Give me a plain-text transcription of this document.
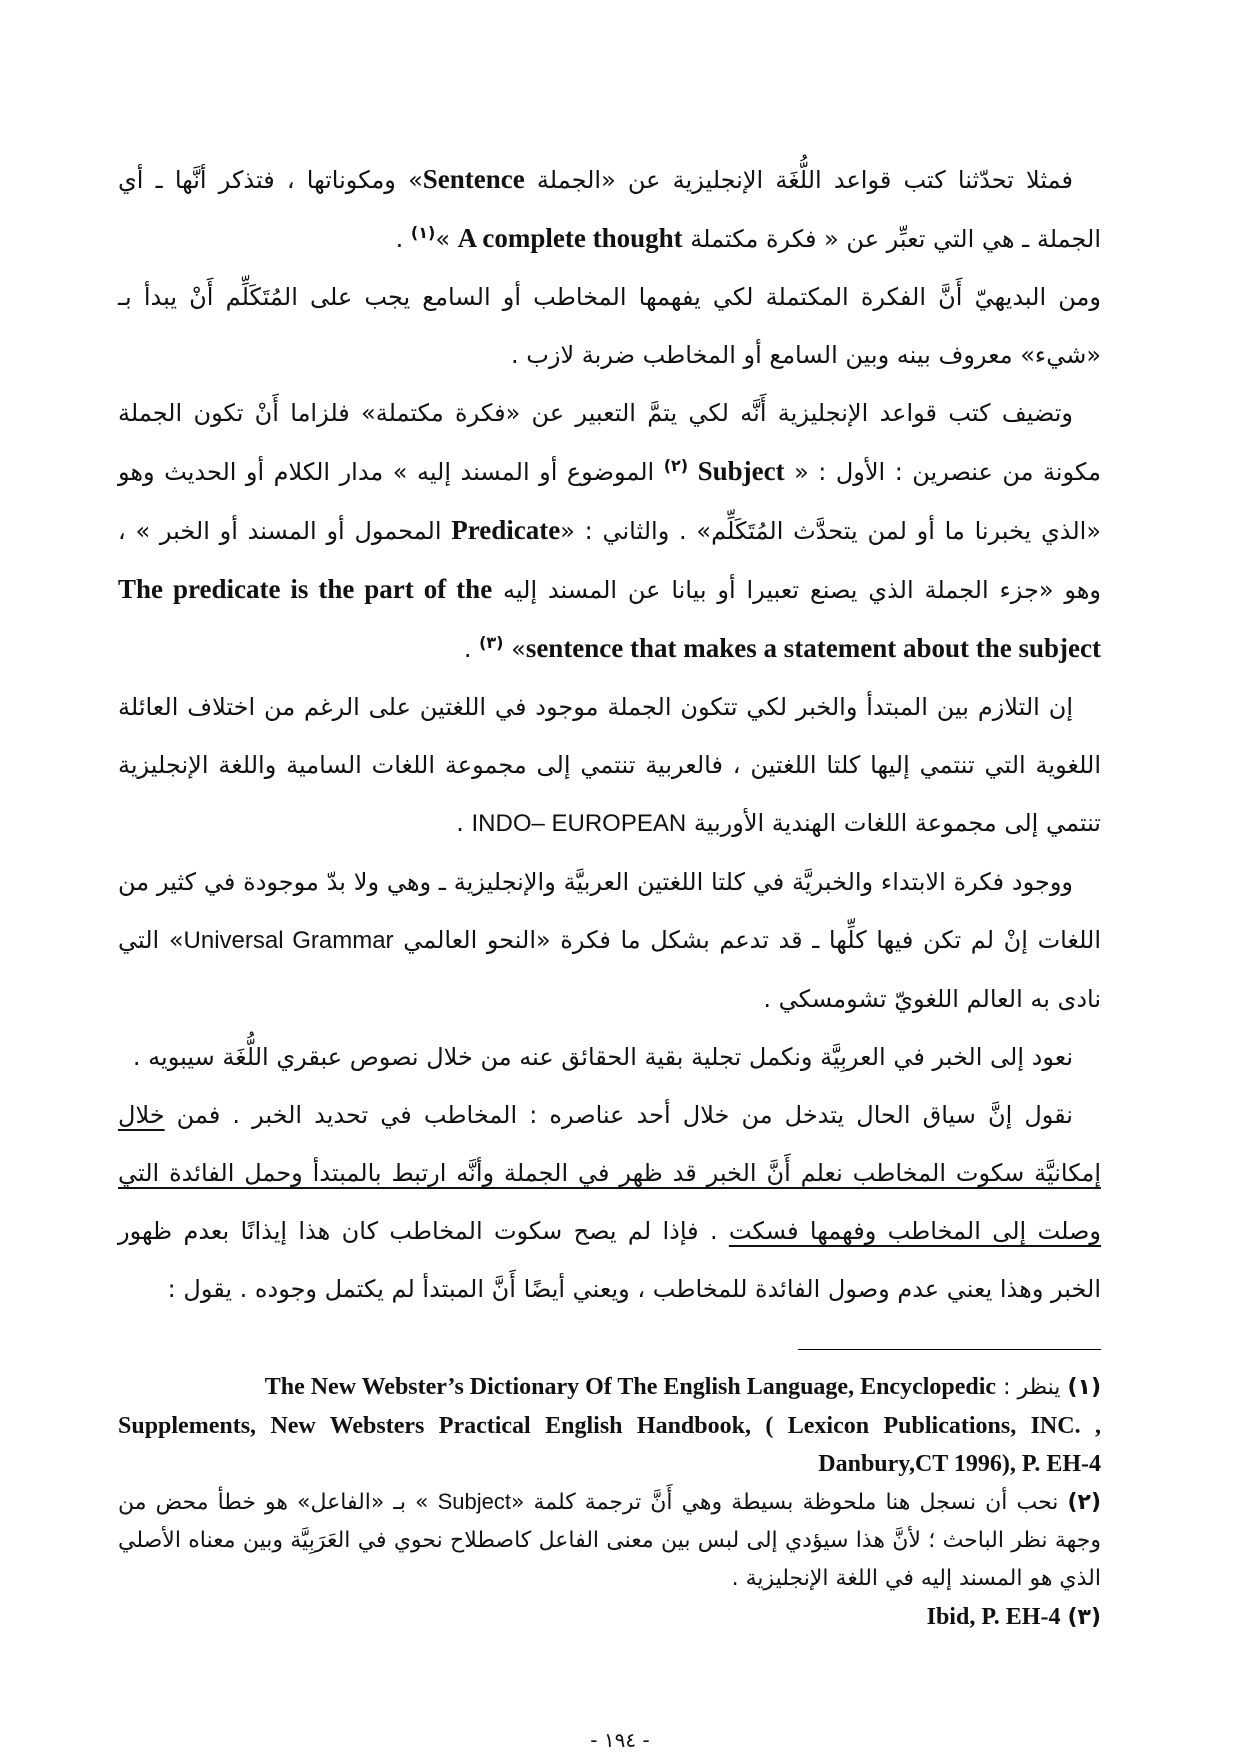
فمثلا تحدّثنا كتب قواعد اللُّغَة الإنجليزية عن «الجملة Sentence» ومكوناتها ، فتذكر أنَّها ـ أي الجملة ـ هي التي تعبِّر عن « فكرة مكتملة A complete thought »$^{(١)}$ .

ومن البديهيّ أَنَّ الفكرة المكتملة لكي يفهمها المخاطب أو السامع يجب على المُتَكَلِّم أَنْ يبدأ بـ «شيء» معروف بينه وبين السامع أو المخاطب ضربة لازب .

وتضيف كتب قواعد الإنجليزية أَنَّه لكي يتمَّ التعبير عن «فكرة مكتملة» فلزاما أَنْ تكون الجملة مكونة من عنصرين : الأول : « Subject $^{(٢)}$ الموضوع أو المسند إليه » مدار الكلام أو الحديث وهو «الذي يخبرنا ما أو لمن يتحدَّث المُتَكَلِّم» . والثاني : «Predicate المحمول أو المسند أو الخبر » ، وهو «جزء الجملة الذي يصنع تعبيرا أو بيانا عن المسند إليه The predicate is the part of the sentence that makes a statement about the subject» $^{(٣)}$ .

إن التلازم بين المبتدأ والخبر لكي تتكون الجملة موجود في اللغتين على الرغم من اختلاف العائلة اللغوية التي تنتمي إليها كلتا اللغتين ، فالعربية تنتمي إلى مجموعة اللغات السامية واللغة الإنجليزية تنتمي إلى مجموعة اللغات الهندية الأوربية INDO– EUROPEAN .

ووجود فكرة الابتداء والخبريَّة في كلتا اللغتين العربيَّة والإنجليزية ـ وهي ولا بدّ موجودة في كثير من اللغات إنْ لم تكن فيها كلِّها ـ قد تدعم بشكل ما فكرة «النحو العالمي Universal Grammar» التي نادى به العالم اللغويّ تشومسكي .

نعود إلى الخبر في العربِيَّة ونكمل تجلية بقية الحقائق عنه من خلال نصوص عبقري اللُّغَة سيبويه .

نقول إنَّ سياق الحال يتدخل من خلال أحد عناصره : المخاطب في تحديد الخبر . فمن خلال إمكانيَّة سكوت المخاطب نعلم أَنَّ الخبر قد ظهر في الجملة وأنَّه ارتبط بالمبتدأ وحمل الفائدة التي وصلت إلى المخاطب وفهمها فسكت . فإذا لم يصح سكوت المخاطب كان هذا إيذانًا بعدم ظهور الخبر وهذا يعني عدم وصول الفائدة للمخاطب ، ويعني أيضًا أَنَّ المبتدأ لم يكتمل وجوده . يقول :

(١) ينظر : The New Webster’s Dictionary Of The English Language, Encyclopedic

Supplements, New Websters Practical English Handbook, ( Lexicon Publications, INC. , Danbury,CT 1996), P. EH-4

(٢) نحب أن نسجل هنا ملحوظة بسيطة وهي أَنَّ ترجمة كلمة «Subject » بـ «الفاعل» هو خطأ محض من وجهة نظر الباحث ؛ لأنَّ هذا سيؤدي إلى لبس بين معنى الفاعل كاصطلاح نحوي في العَرَبِيَّة وبين معناه الأصلي الذي هو المسند إليه في اللغة الإنجليزية .

(٣) Ibid, P. EH-4

- ١٩٤ -
